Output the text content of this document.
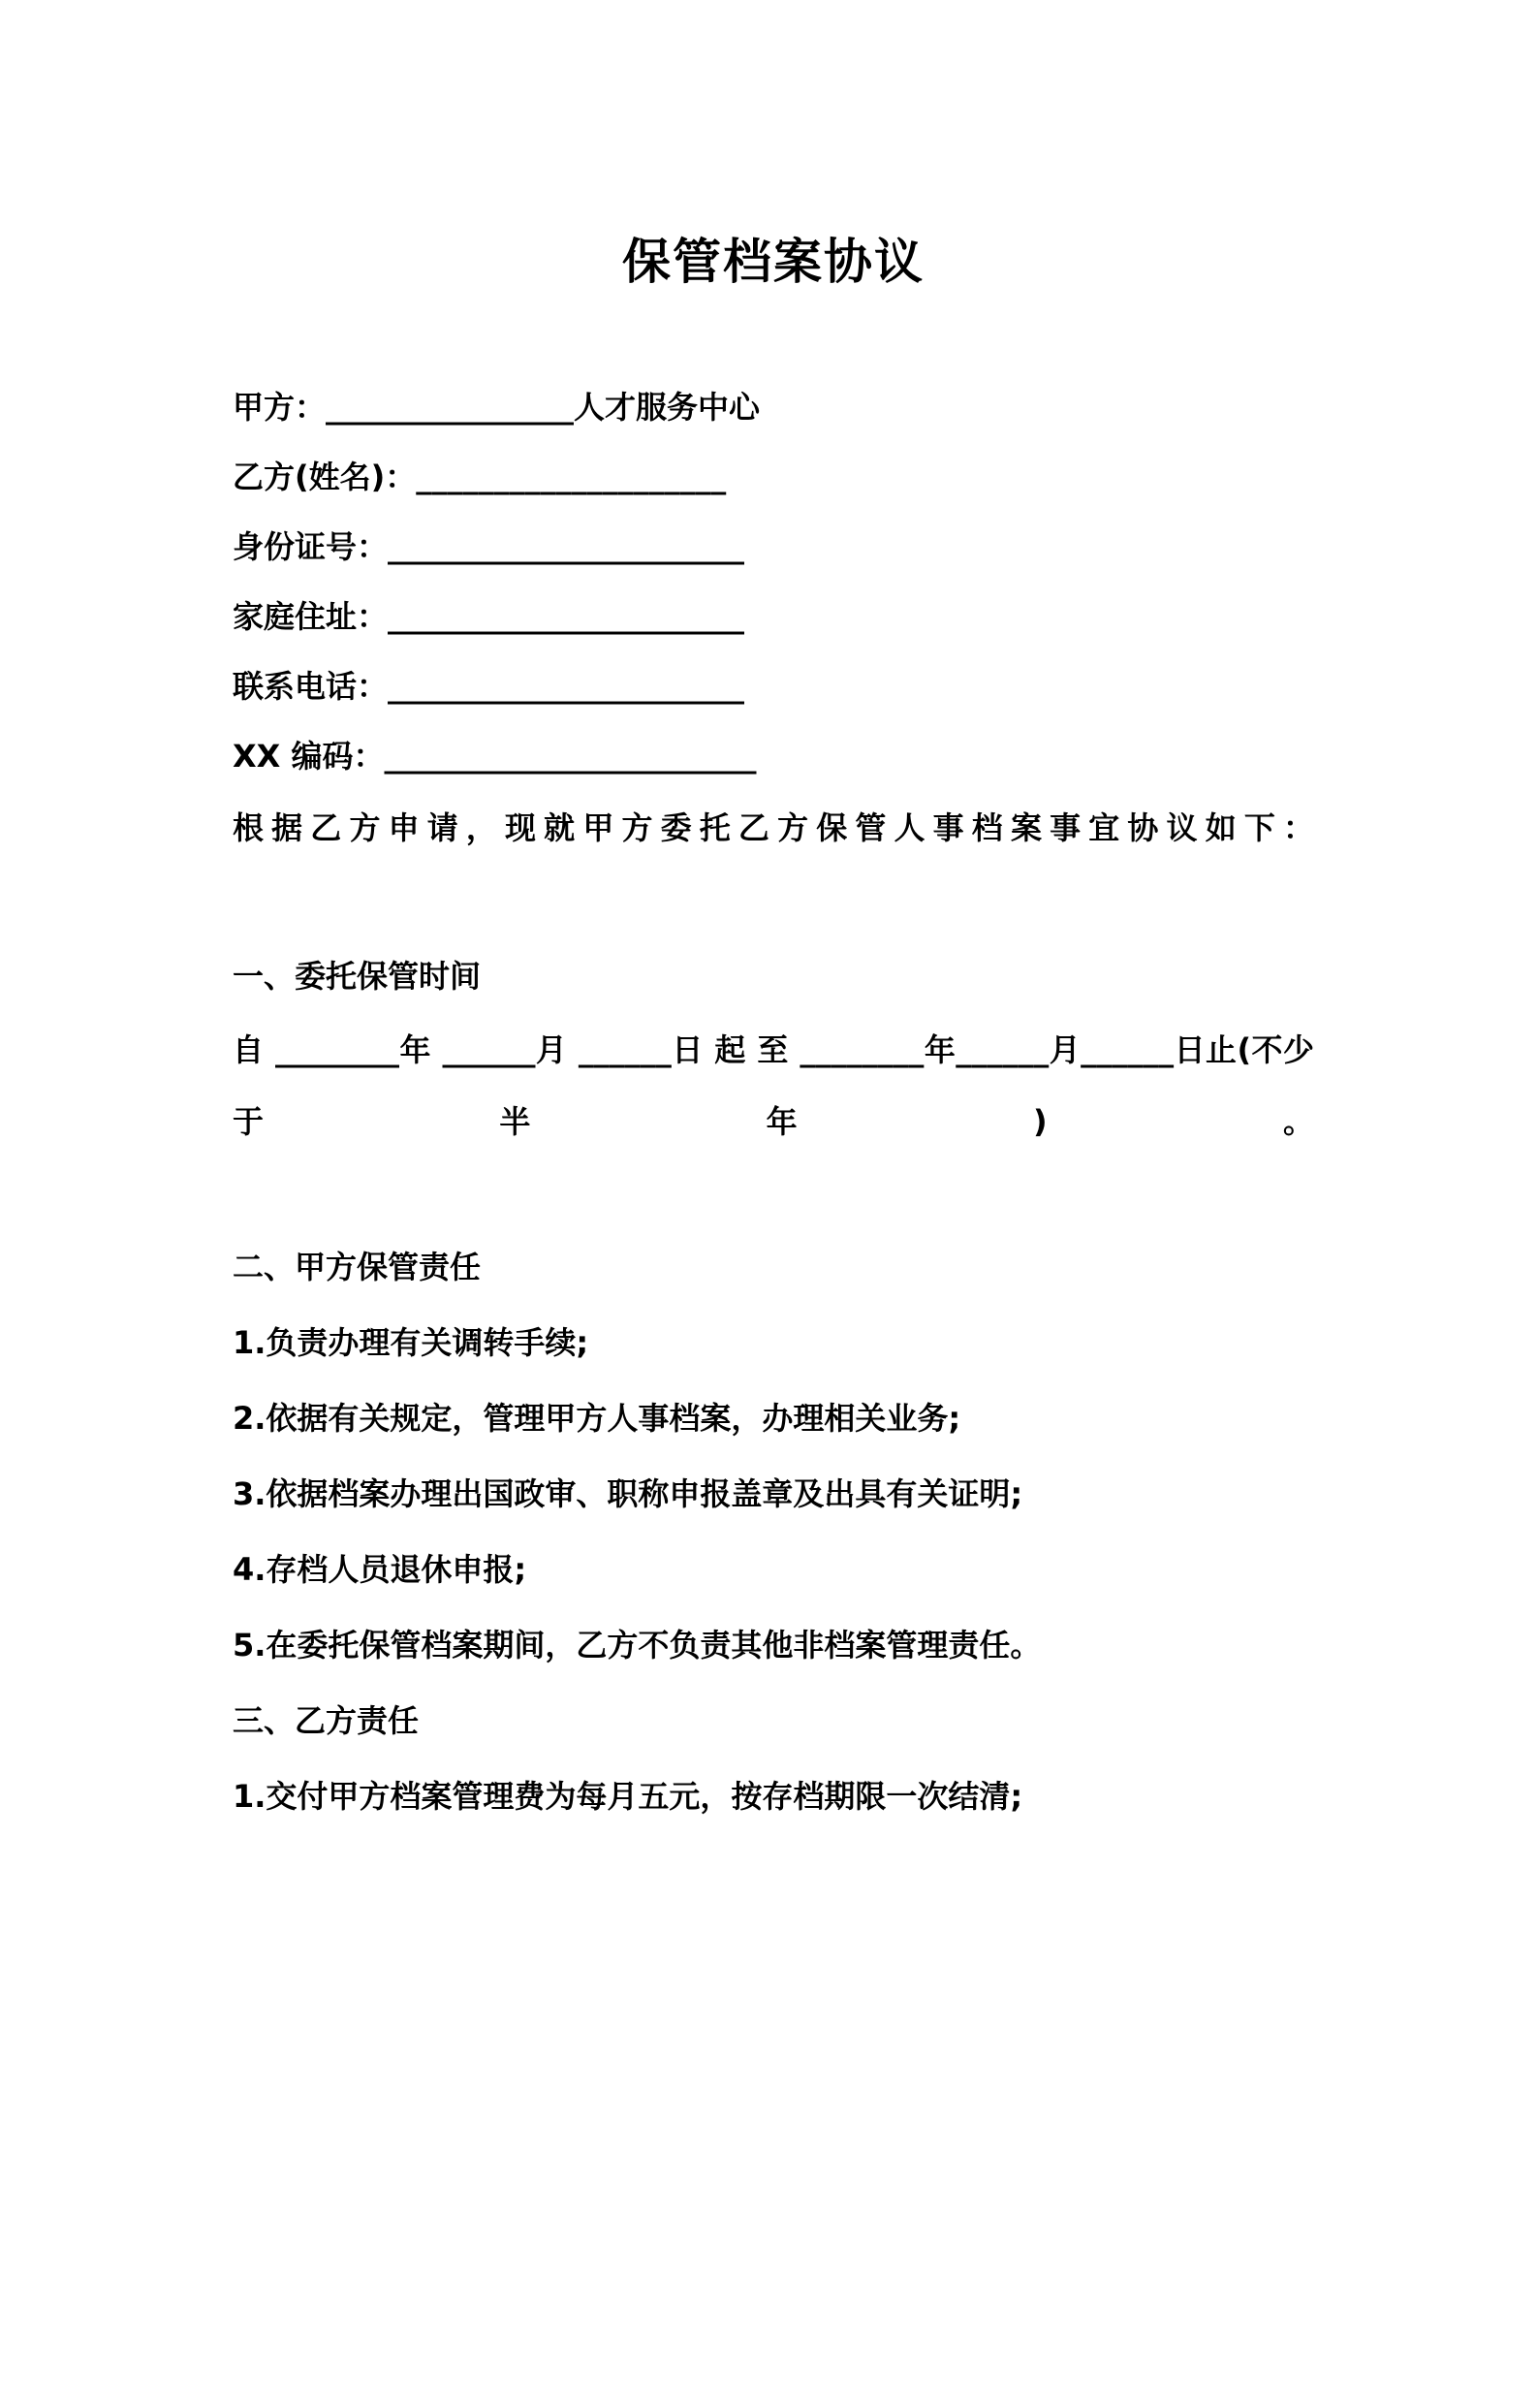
保管档案协议
甲方：________________人才服务中心
乙方(姓名)：____________________
身份证号：_______________________
家庭住址：_______________________
联系电话：_______________________
XX 编码：________________________
根据乙方申请，现就甲方委托乙方保管人事档案事宜协议如下：
一、委托保管时间
自 ________年 ______月 ______日 起 至 ________年______月______日止(不少于半年)。
二、甲方保管责任
1.负责办理有关调转手续;
2.依据有关规定，管理甲方人事档案，办理相关业务;
3.依据档案办理出国政审、职称申报盖章及出具有关证明;
4.存档人员退休申报;
5.在委托保管档案期间，乙方不负责其他非档案管理责任。
三、乙方责任
1.交付甲方档案管理费为每月五元，按存档期限一次结清;
